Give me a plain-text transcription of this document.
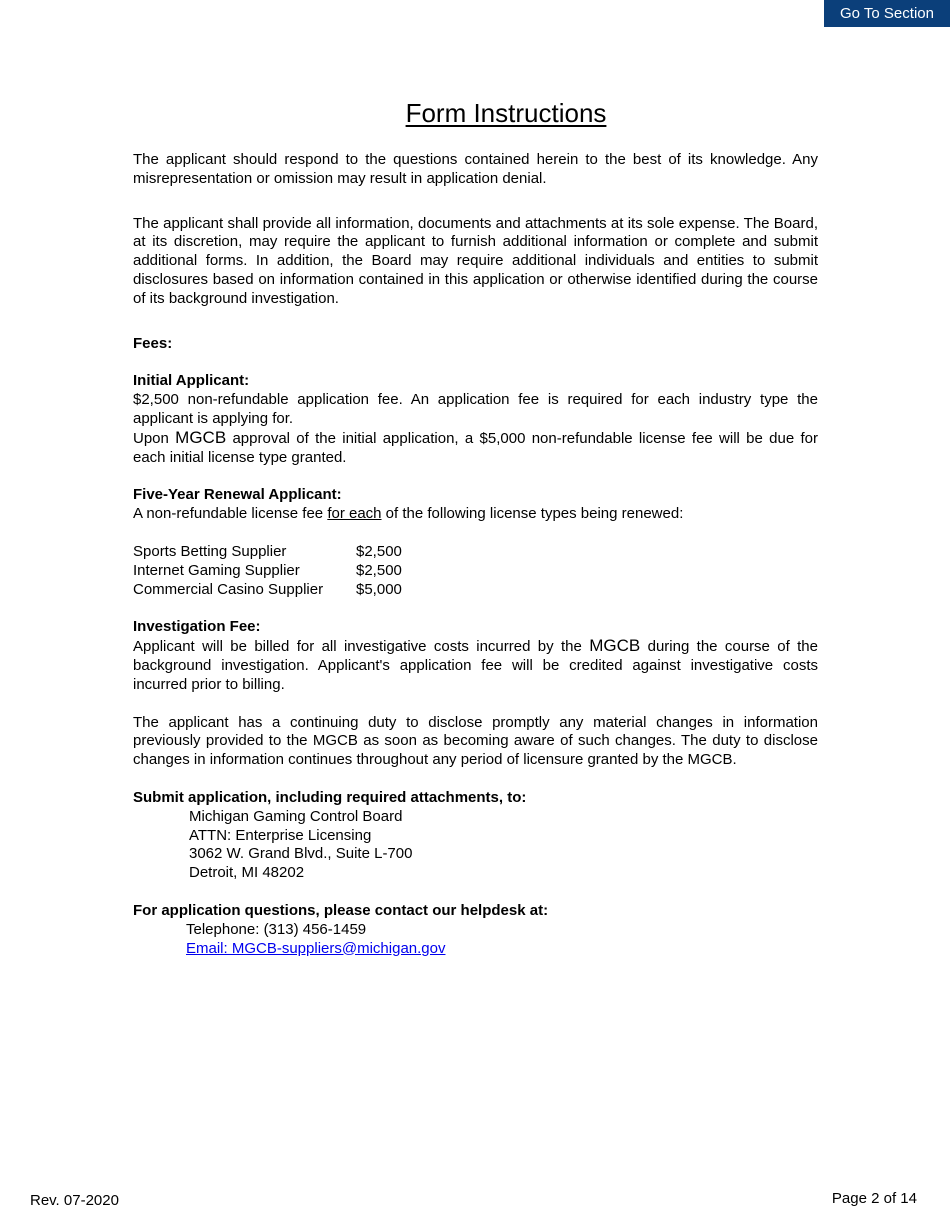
Go To Section
Form Instructions

The applicant should respond to the questions contained herein to the best of its knowledge. Any misrepresentation or omission may result in application denial.

The applicant shall provide all information, documents and attachments at its sole expense. The Board, at its discretion, may require the applicant to furnish additional information or complete and submit additional forms. In addition, the Board may require additional individuals and entities to submit disclosures based on information contained in this application or otherwise identified during the course of its background investigation.

Fees:

Initial Applicant:

$2,500 non-refundable application fee. An application fee is required for each industry type the applicant is applying for.

Upon MGCB approval of the initial application, a $5,000 non-refundable license fee will be due for each initial license type granted.

Five-Year Renewal Applicant:

A non-refundable license fee for each of the following license types being renewed:

Sports Betting Supplier	$2,500
Internet Gaming Supplier	$2,500
Commercial Casino Supplier	$5,000

Investigation Fee:

Applicant will be billed for all investigative costs incurred by the MGCB during the course of the background investigation. Applicant's application fee will be credited against investigative costs incurred prior to billing.

The applicant has a continuing duty to disclose promptly any material changes in information previously provided to the MGCB as soon as becoming aware of such changes. The duty to disclose changes in information continues throughout any period of licensure granted by the MGCB.

Submit application, including required attachments, to:

Michigan Gaming Control Board

ATTN: Enterprise Licensing

3062 W. Grand Blvd., Suite L-700

Detroit, MI 48202

For application questions, please contact our helpdesk at:

Telephone: (313) 456-1459

Email: MGCB-suppliers@michigan.gov

Rev. 07-2020	Page 2 of 14
